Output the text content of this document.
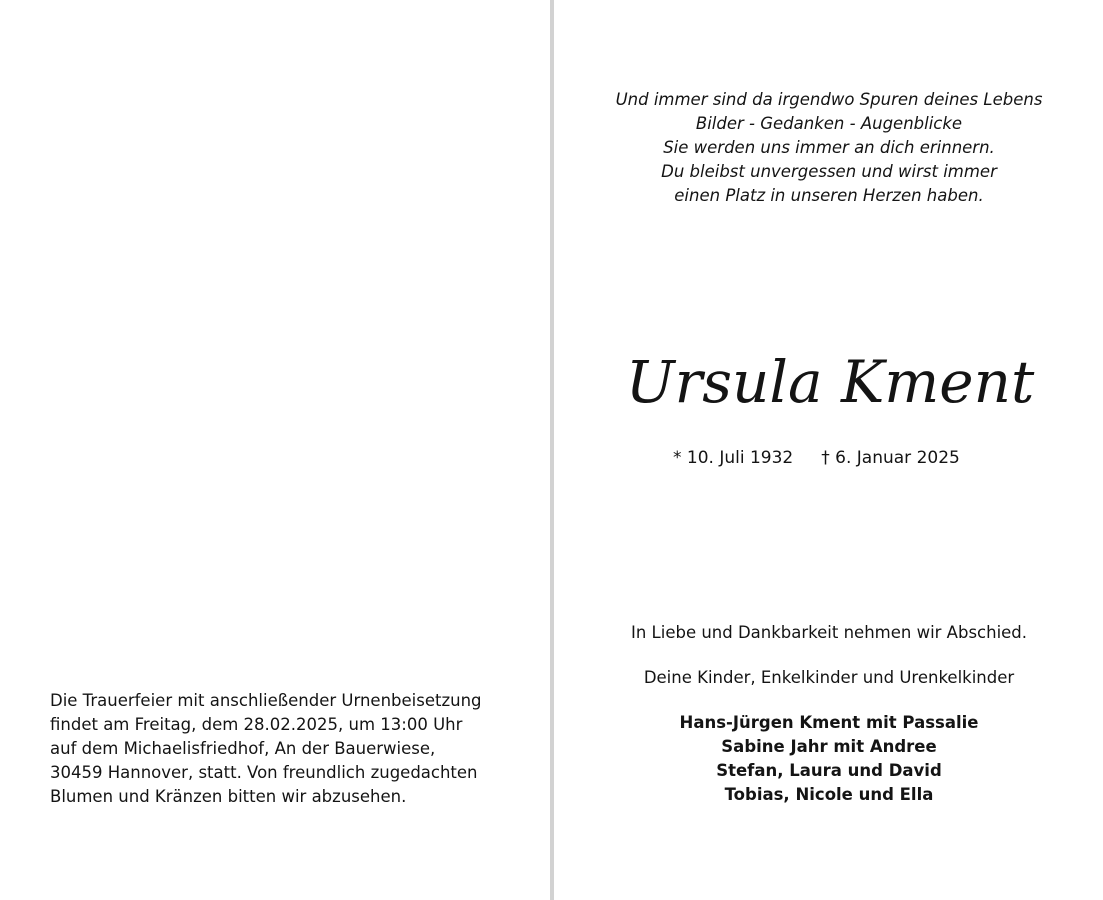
Die Trauerfeier mit anschließender Urnenbeisetzung
findet am Freitag, dem 28.02.2025, um 13:00 Uhr
auf dem Michaelisfriedhof, An der Bauerwiese,
30459 Hannover, statt. Von freundlich zugedachten
Blumen und Kränzen bitten wir abzusehen.
Und immer sind da irgendwo Spuren deines Lebens
Bilder - Gedanken - Augenblicke
Sie werden uns immer an dich erinnern.
Du bleibst unvergessen und wirst immer
einen Platz in unseren Herzen haben.
Ursula Kment
* 10. Juli 1932 † 6. Januar 2025
In Liebe und Dankbarkeit nehmen wir Abschied.
Deine Kinder, Enkelkinder und Urenkelkinder
Hans-Jürgen Kment mit Passalie
Sabine Jahr mit Andree
Stefan, Laura und David
Tobias, Nicole und Ella
